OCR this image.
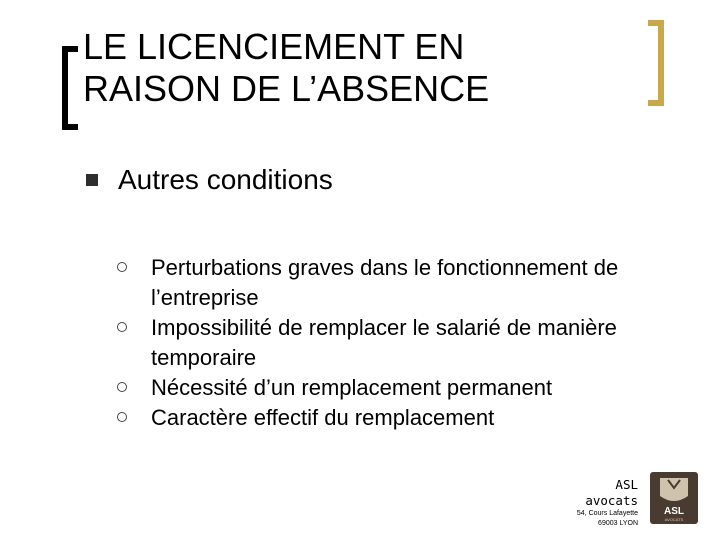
LE LICENCIEMENT EN
RAISON DE L’ABSENCE
Autres conditions
Perturbations graves dans le fonctionnement de l’entreprise
Impossibilité de remplacer le salarié de manière temporaire
Nécessité d’un remplacement permanent
Caractère effectif du remplacement
ASL
avocats
54, Cours Lafayette
69003 LYON
ASL
AVOCATS
